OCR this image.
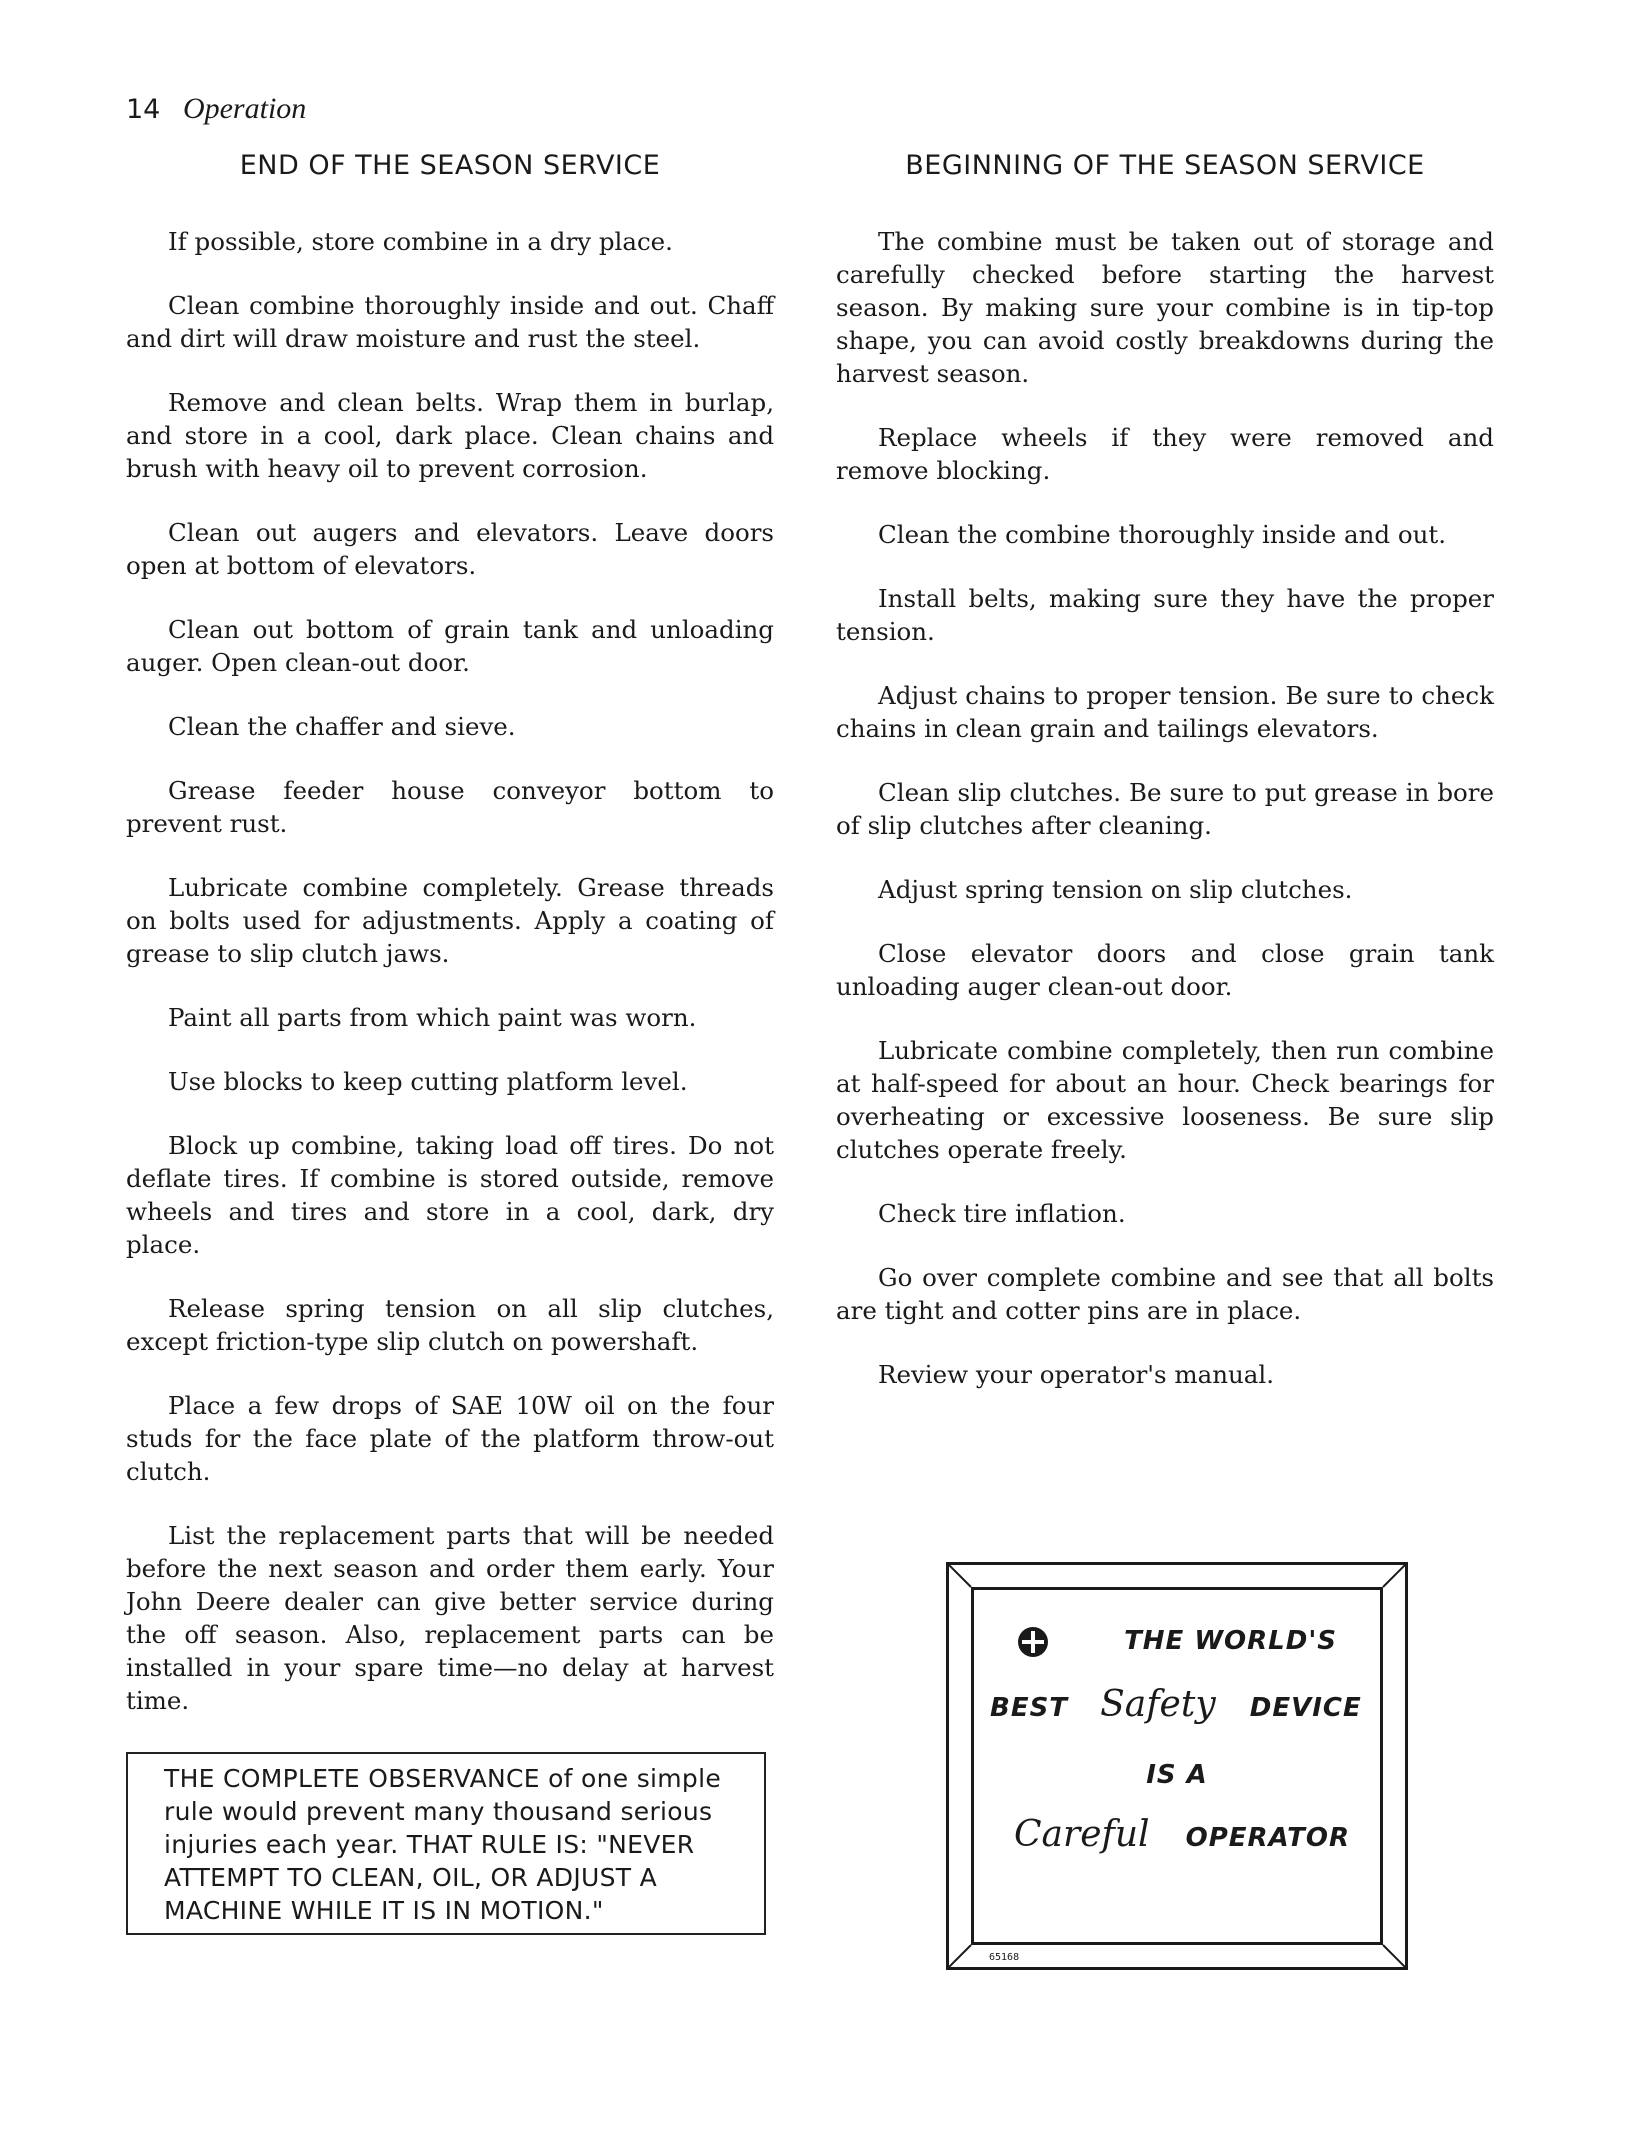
14 Operation
END OF THE SEASON SERVICE

If possible, store combine in a dry place.

Clean combine thoroughly inside and out. Chaff and dirt will draw moisture and rust the steel.

Remove and clean belts. Wrap them in burlap, and store in a cool, dark place. Clean chains and brush with heavy oil to prevent corrosion.

Clean out augers and elevators. Leave doors open at bottom of elevators.

Clean out bottom of grain tank and unloading auger. Open clean-out door.

Clean the chaffer and sieve.

Grease feeder house conveyor bottom to prevent rust.

Lubricate combine completely. Grease threads on bolts used for adjustments. Apply a coating of grease to slip clutch jaws.

Paint all parts from which paint was worn.

Use blocks to keep cutting platform level.

Block up combine, taking load off tires. Do not deflate tires. If combine is stored outside, remove wheels and tires and store in a cool, dark, dry place.

Release spring tension on all slip clutches, except friction-type slip clutch on powershaft.

Place a few drops of SAE 10W oil on the four studs for the face plate of the platform throw-out clutch.

List the replacement parts that will be needed before the next season and order them early. Your John Deere dealer can give better service during the off season. Also, replacement parts can be installed in your spare time—no delay at harvest time.

THE COMPLETE OBSERVANCE of one simple rule would prevent many thousand serious injuries each year. THAT RULE IS: "NEVER ATTEMPT TO CLEAN, OIL, OR ADJUST A MACHINE WHILE IT IS IN MOTION."
BEGINNING OF THE SEASON SERVICE

The combine must be taken out of storage and carefully checked before starting the harvest season. By making sure your combine is in tip-top shape, you can avoid costly breakdowns during the harvest season.

Replace wheels if they were removed and remove blocking.

Clean the combine thoroughly inside and out.

Install belts, making sure they have the proper tension.

Adjust chains to proper tension. Be sure to check chains in clean grain and tailings elevators.

Clean slip clutches. Be sure to put grease in bore of slip clutches after cleaning.

Adjust spring tension on slip clutches.

Close elevator doors and close grain tank unloading auger clean-out door.

Lubricate combine completely, then run combine at half-speed for about an hour. Check bearings for overheating or excessive looseness. Be sure slip clutches operate freely.

Check tire inflation.

Go over complete combine and see that all bolts are tight and cotter pins are in place.

Review your operator's manual.

THE WORLD'S
BEST Safety DEVICE
IS A
Careful OPERATOR
65168
